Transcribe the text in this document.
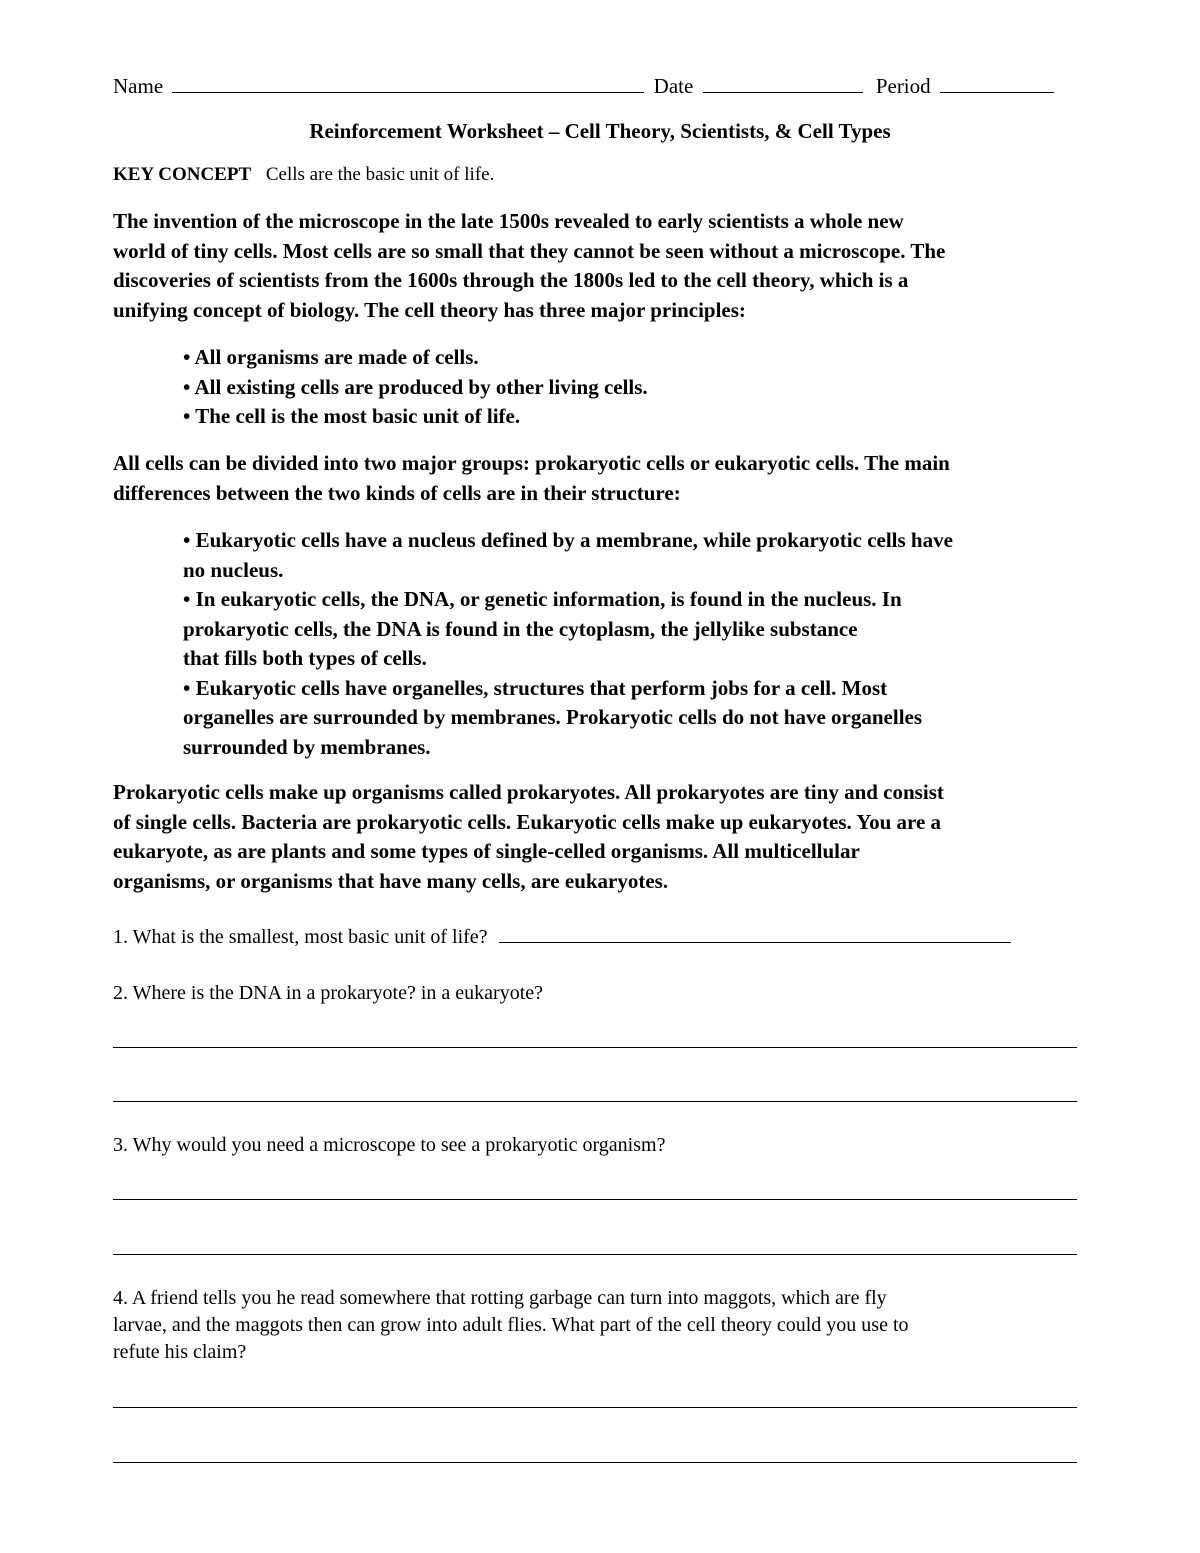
Name	Date	Period
Reinforcement Worksheet – Cell Theory, Scientists, & Cell Types
KEY CONCEPT Cells are the basic unit of life.
The invention of the microscope in the late 1500s revealed to early scientists a whole new
world of tiny cells. Most cells are so small that they cannot be seen without a microscope. The
discoveries of scientists from the 1600s through the 1800s led to the cell theory, which is a
unifying concept of biology. The cell theory has three major principles:
• All organisms are made of cells.
• All existing cells are produced by other living cells.
• The cell is the most basic unit of life.
All cells can be divided into two major groups: prokaryotic cells or eukaryotic cells. The main
differences between the two kinds of cells are in their structure:
• Eukaryotic cells have a nucleus defined by a membrane, while prokaryotic cells have
no nucleus.
• In eukaryotic cells, the DNA, or genetic information, is found in the nucleus. In
prokaryotic cells, the DNA is found in the cytoplasm, the jellylike substance
that fills both types of cells.
• Eukaryotic cells have organelles, structures that perform jobs for a cell. Most
organelles are surrounded by membranes. Prokaryotic cells do not have organelles
surrounded by membranes.
Prokaryotic cells make up organisms called prokaryotes. All prokaryotes are tiny and consist
of single cells. Bacteria are prokaryotic cells. Eukaryotic cells make up eukaryotes. You are a
eukaryote, as are plants and some types of single-celled organisms. All multicellular
organisms, or organisms that have many cells, are eukaryotes.
1. What is the smallest, most basic unit of life?
2. Where is the DNA in a prokaryote? in a eukaryote?
3. Why would you need a microscope to see a prokaryotic organism?
4. A friend tells you he read somewhere that rotting garbage can turn into maggots, which are fly
larvae, and the maggots then can grow into adult flies. What part of the cell theory could you use to
refute his claim?
